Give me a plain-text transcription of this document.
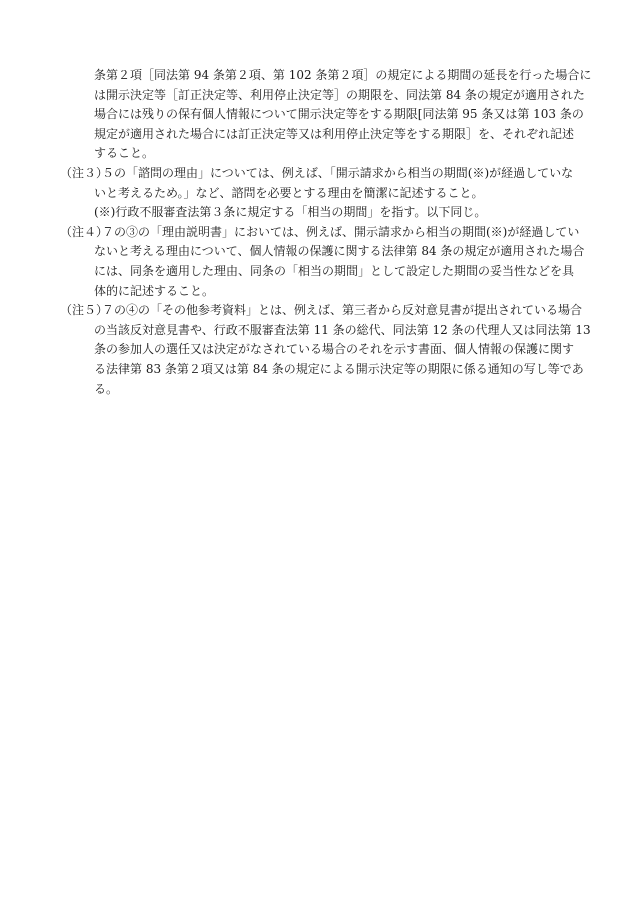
条第２項［同法第 94 条第２項、第 102 条第２項］の規定による期間の延長を行った場合に
は開示決定等［訂正決定等、利用停止決定等］の期限を、同法第 84 条の規定が適用された
場合には残りの保有個人情報について開示決定等をする期限[同法第 95 条又は第 103 条の
規定が適用された場合には訂正決定等又は利用停止決定等をする期限］を、それぞれ記述
すること。
（注３）
５の「諮問の理由」については、例えば、「開示請求から相当の期間(※)が経過していな
いと考えるため。」など、諮問を必要とする理由を簡潔に記述すること。
(※)行政不服審査法第３条に規定する「相当の期間」を指す。以下同じ。
（注４）
７の③の「理由説明書」においては、例えば、開示請求から相当の期間(※)が経過してい
ないと考える理由について、個人情報の保護に関する法律第 84 条の規定が適用された場合
には、同条を適用した理由、同条の「相当の期間」として設定した期間の妥当性などを具
体的に記述すること。
（注５）
７の④の「その他参考資料」とは、例えば、第三者から反対意見書が提出されている場合
の当該反対意見書や、行政不服審査法第 11 条の総代、同法第 12 条の代理人又は同法第 13
条の参加人の選任又は決定がなされている場合のそれを示す書面、個人情報の保護に関す
る法律第 83 条第２項又は第 84 条の規定による開示決定等の期限に係る通知の写し等であ
る。
